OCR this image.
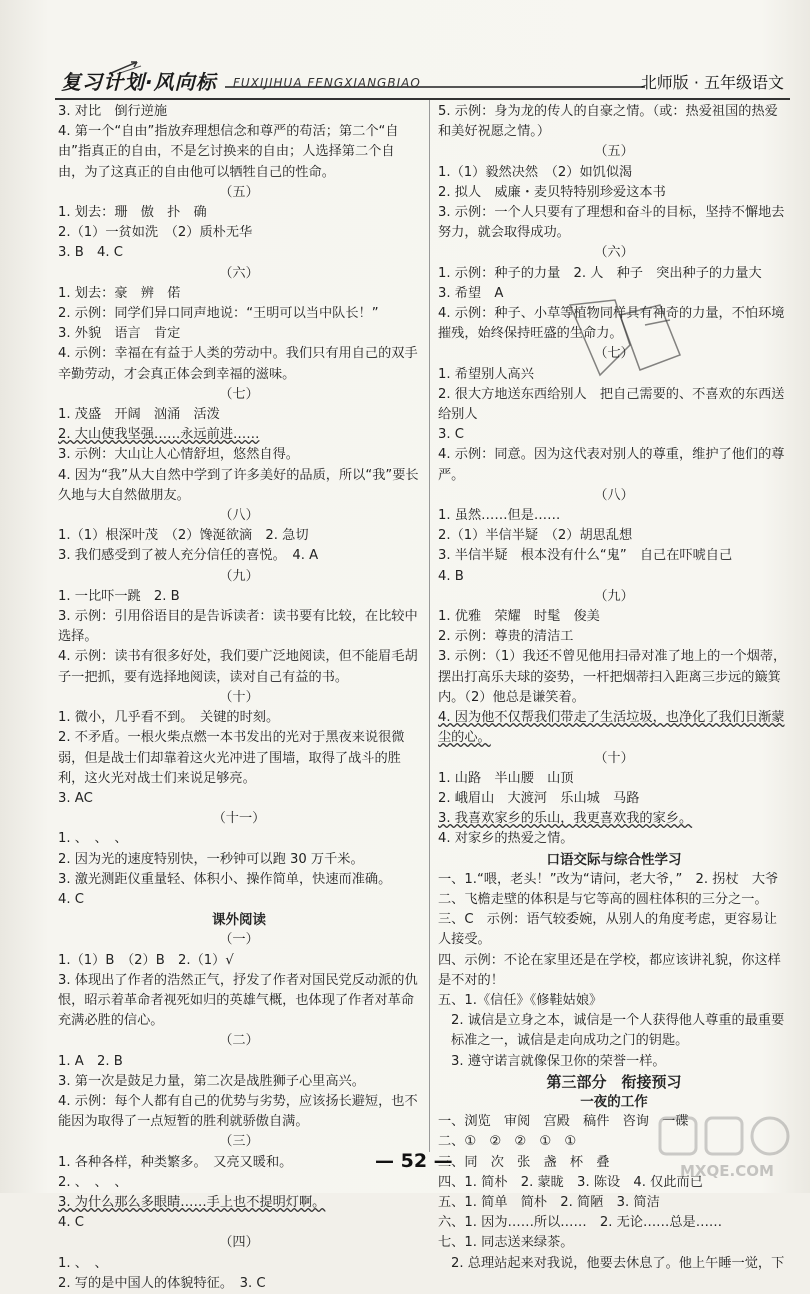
复习计划·风向标 FUXIJIHUA FENGXIANGBIAO	北师版 · 五年级语文
3. 对比　倒行逆施
4. 第一个“自由”指放弃理想信念和尊严的苟活；第二个“自由”指真正的自由，不是乞讨换来的自由；人选择第二个自由，为了这真正的自由他可以牺牲自己的性命。
（五）
1. 划去：珊　傲　扑　确
2.（1）一贫如洗　（2）质朴无华
3. B　4. C
（六）
1. 划去：豪　辨　偌
2. 示例：同学们异口同声地说：“王明可以当中队长！”
3. 外貌　语言　肯定
4. 示例：幸福在有益于人类的劳动中。我们只有用自己的双手辛勤劳动，才会真正体会到幸福的滋味。
（七）
1. 茂盛　开阔　汹涌　活泼
2. 大山使我坚强……永远前进……
3. 示例：大山让人心情舒坦，悠然自得。
4. 因为“我”从大自然中学到了许多美好的品质，所以“我”要长久地与大自然做朋友。
（八）
1.（1）根深叶茂　（2）馋涎欲滴　2. 急切
3. 我们感受到了被人充分信任的喜悦。　4. A
（九）
1. 一比吓一跳　2. B
3. 示例：引用俗语目的是告诉读者：读书要有比较，在比较中选择。
4. 示例：读书有很多好处，我们要广泛地阅读，但不能眉毛胡子一把抓，要有选择地阅读，读对自己有益的书。
（十）
1. 微小，几乎看不到。　关键的时刻。
2. 不矛盾。一根火柴点燃一本书发出的光对于黑夜来说很微弱，但是战士们却靠着这火光冲进了围墙，取得了战斗的胜利，这火光对战士们来说足够亮。
3. AC
（十一）
1. 、　、　、
2. 因为光的速度特别快，一秒钟可以跑 30 万千米。
3. 激光测距仪重量轻、体积小、操作简单，快速而准确。
4. C
课外阅读
（一）
1.（1）B　（2）B　2.（1）√
3. 体现出了作者的浩然正气，抒发了作者对国民党反动派的仇恨，昭示着革命者视死如归的英雄气概，也体现了作者对革命充满必胜的信心。
（二）
1. A　2. B
3. 第一次是鼓足力量，第二次是战胜狮子心里高兴。
4. 示例：每个人都有自己的优势与劣势，应该扬长避短，也不能因为取得了一点短暂的胜利就骄傲自满。
（三）
1. 各种各样，种类繁多。　又亮又暖和。
2. 、　、　、
3. 为什么那么多眼睛……手上也不提明灯啊。
4. C
（四）
1. 、　、
2. 写的是中国人的体貌特征。　3. C
5. 示例：身为龙的传人的自豪之情。（或：热爱祖国的热爱和美好祝愿之情。）
（五）
1.（1）毅然决然　（2）如饥似渴
2. 拟人　威廉・麦贝特特别珍爱这本书
3. 示例：一个人只要有了理想和奋斗的目标，坚持不懈地去努力，就会取得成功。
（六）
1. 示例：种子的力量　2. 人　种子　突出种子的力量大
3. 希望　A
4. 示例：种子、小草等植物同样具有神奇的力量，不怕环境摧残，始终保持旺盛的生命力。
（七）
1. 希望别人高兴
2. 很大方地送东西给别人　把自己需要的、不喜欢的东西送给别人
3. C
4. 示例：同意。因为这代表对别人的尊重，维护了他们的尊严。
（八）
1. 虽然……但是……
2.（1）半信半疑　（2）胡思乱想
3. 半信半疑　根本没有什么“鬼”　自己在吓唬自己
4. B
（九）
1. 优雅　荣耀　时髦　俊美
2. 示例：尊贵的清洁工
3. 示例：（1）我还不曾见他用扫帚对准了地上的一个烟蒂，摆出打高乐夫球的姿势，一杆把烟蒂扫入距离三步远的簸箕内。（2）他总是谦笑着。
4. 因为他不仅帮我们带走了生活垃圾，也净化了我们日渐蒙尘的心。
（十）
1. 山路　半山腰　山顶
2. 峨眉山　大渡河　乐山城　马路
3. 我喜欢家乡的乐山，我更喜欢我的家乡。
4. 对家乡的热爱之情。
口语交际与综合性学习
一、1.“喂，老头！”改为“请问，老大爷，”　2. 拐杖　大爷
二、飞檐走壁的体积是与它等高的圆柱体积的三分之一。
三、C　示例：语气较委婉，从别人的角度考虑，更容易让人接受。
四、示例：不论在家里还是在学校，都应该讲礼貌，你这样是不对的！
五、1.《信任》《修鞋姑娘》
2. 诚信是立身之本，诚信是一个人获得他人尊重的最重要标准之一，诚信是走向成功之门的钥匙。
3. 遵守诺言就像保卫你的荣誉一样。
第三部分　衔接预习
一夜的工作
一、浏览　审阅　宫殿　稿件　咨询　一碟
二、①　②　②　①　①
三、同　次　张　盏　杯　叠
四、1. 简朴　2. 蒙眬　3. 陈设　4. 仅此而已
五、1. 简单　简朴　2. 简陋　3. 简洁
六、1. 因为……所以……　2. 无论……总是……
七、1. 同志送来绿茶。
2. 总理站起来对我说，他要去休息了。他上午睡一觉，下
— 52 —	MXQE.COM
